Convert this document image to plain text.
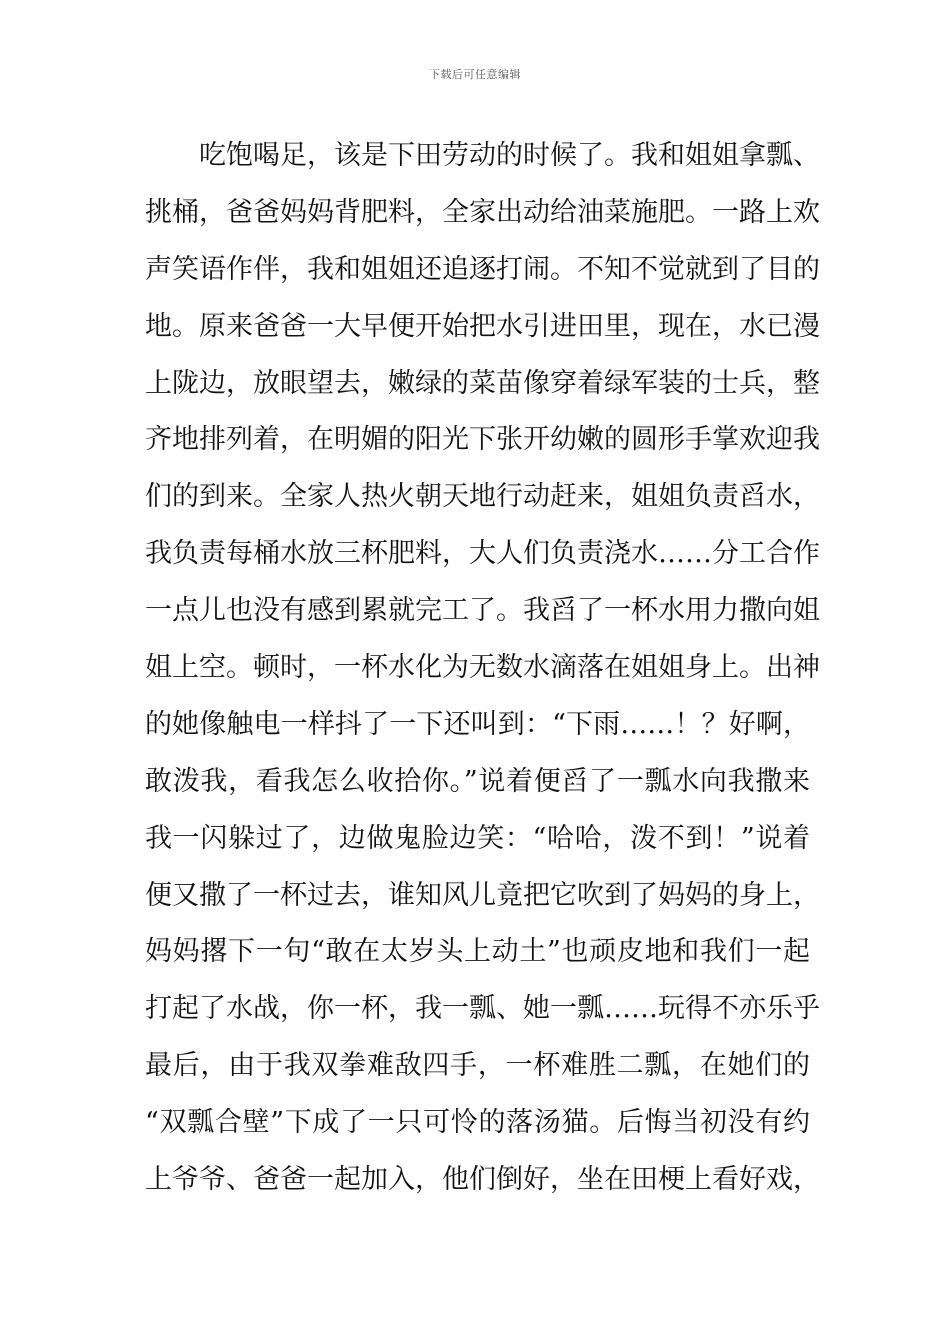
下载后可任意编辑
吃饱喝足，该是下田劳动的时候了。我和姐姐拿瓢、
挑桶，爸爸妈妈背肥料，全家出动给油菜施肥。一路上欢
声笑语作伴，我和姐姐还追逐打闹。不知不觉就到了目的
地。原来爸爸一大早便开始把水引进田里，现在，水已漫
上陇边，放眼望去，嫩绿的菜苗像穿着绿军装的士兵，整
齐地排列着，在明媚的阳光下张开幼嫩的圆形手掌欢迎我
们的到来。全家人热火朝天地行动赶来，姐姐负责舀水，
我负责每桶水放三杯肥料，大人们负责浇水……分工合作
一点儿也没有感到累就完工了。我舀了一杯水用力撒向姐
姐上空。顿时，一杯水化为无数水滴落在姐姐身上。出神
的她像触电一样抖了一下还叫到：“下雨……！？好啊，
敢泼我，看我怎么收拾你。”说着便舀了一瓢水向我撒来
我一闪躲过了，边做鬼脸边笑：“哈哈，泼不到！”说着
便又撒了一杯过去，谁知风儿竟把它吹到了妈妈的身上，
妈妈撂下一句“敢在太岁头上动土”也顽皮地和我们一起
打起了水战，你一杯，我一瓢、她一瓢……玩得不亦乐乎
最后，由于我双拳难敌四手，一杯难胜二瓢，在她们的
“双瓢合壁”下成了一只可怜的落汤猫。后悔当初没有约
上爷爷、爸爸一起加入，他们倒好，坐在田梗上看好戏，
